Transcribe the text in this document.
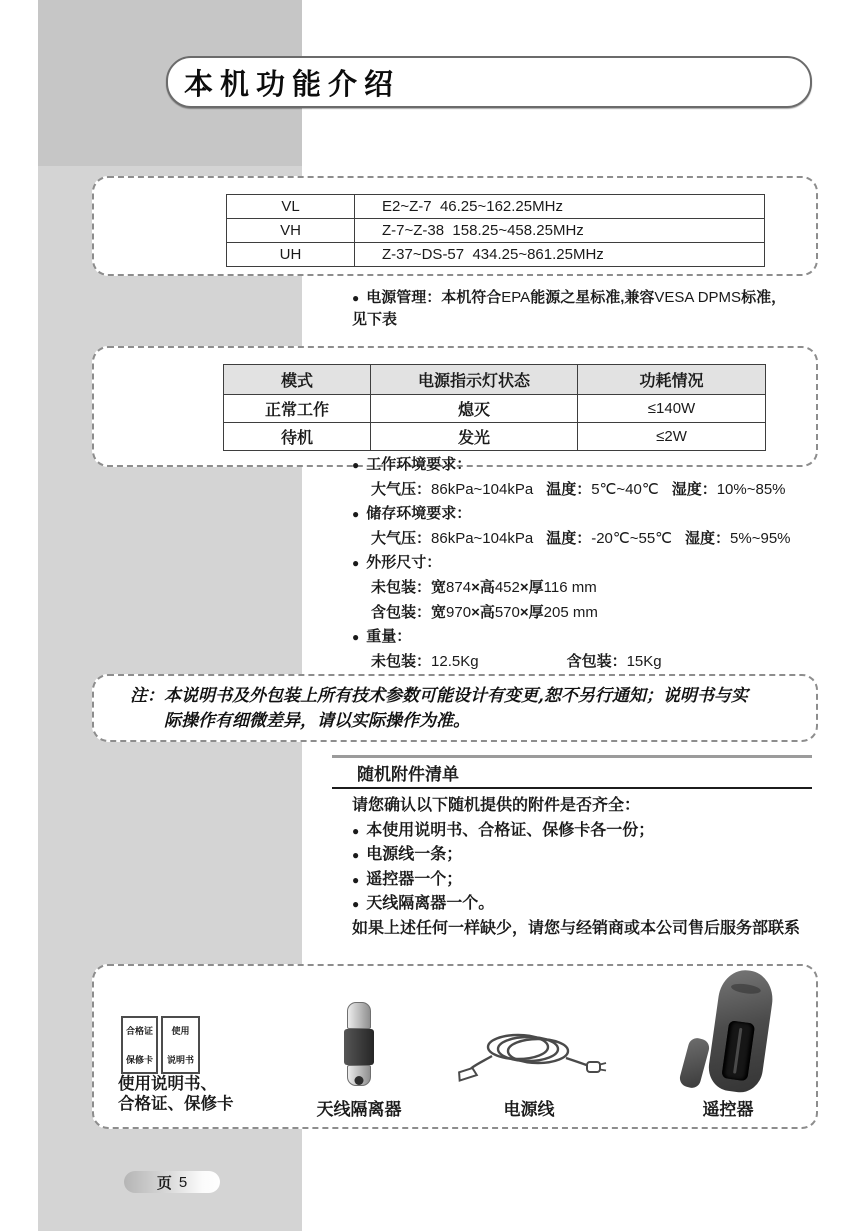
本机功能介绍
VL	E2~Z-7  46.25~162.25MHz
VH	Z-7~Z-38  158.25~458.25MHz
UH	Z-37~DS-57  434.25~861.25MHz
● 电源管理：本机符合EPA能源之星标准,兼容VESA DPMS标准，
见下表
模式	电源指示灯状态	功耗情况
正常工作	熄灭	≤140W
待机	发光	≤2W
● 工作环境要求：
大气压：86kPa~104kPa 温度：5℃~40℃ 湿度：10%~85%
● 储存环境要求：
大气压：86kPa~104kPa 温度：-20℃~55℃ 湿度：5%~95%
● 外形尺寸：
未包装：宽874×高452×厚116 mm
含包装：宽970×高570×厚205 mm
● 重量：
未包装：12.5Kg	含包装：15Kg
注：本说明书及外包装上所有技术参数可能设计有变更,恕不另行通知；说明书与实
际操作有细微差异，请以实际操作为准。
随机附件清单
请您确认以下随机提供的附件是否齐全：
● 本使用说明书、合格证、保修卡各一份；
● 电源线一条；
● 遥控器一个；
● 天线隔离器一个。
如果上述任何一样缺少，请您与经销商或本公司售后服务部联系
合格证
保修卡
使用
说明书
使用说明书、
合格证、保修卡	天线隔离器	电源线	遥控器
页 5
